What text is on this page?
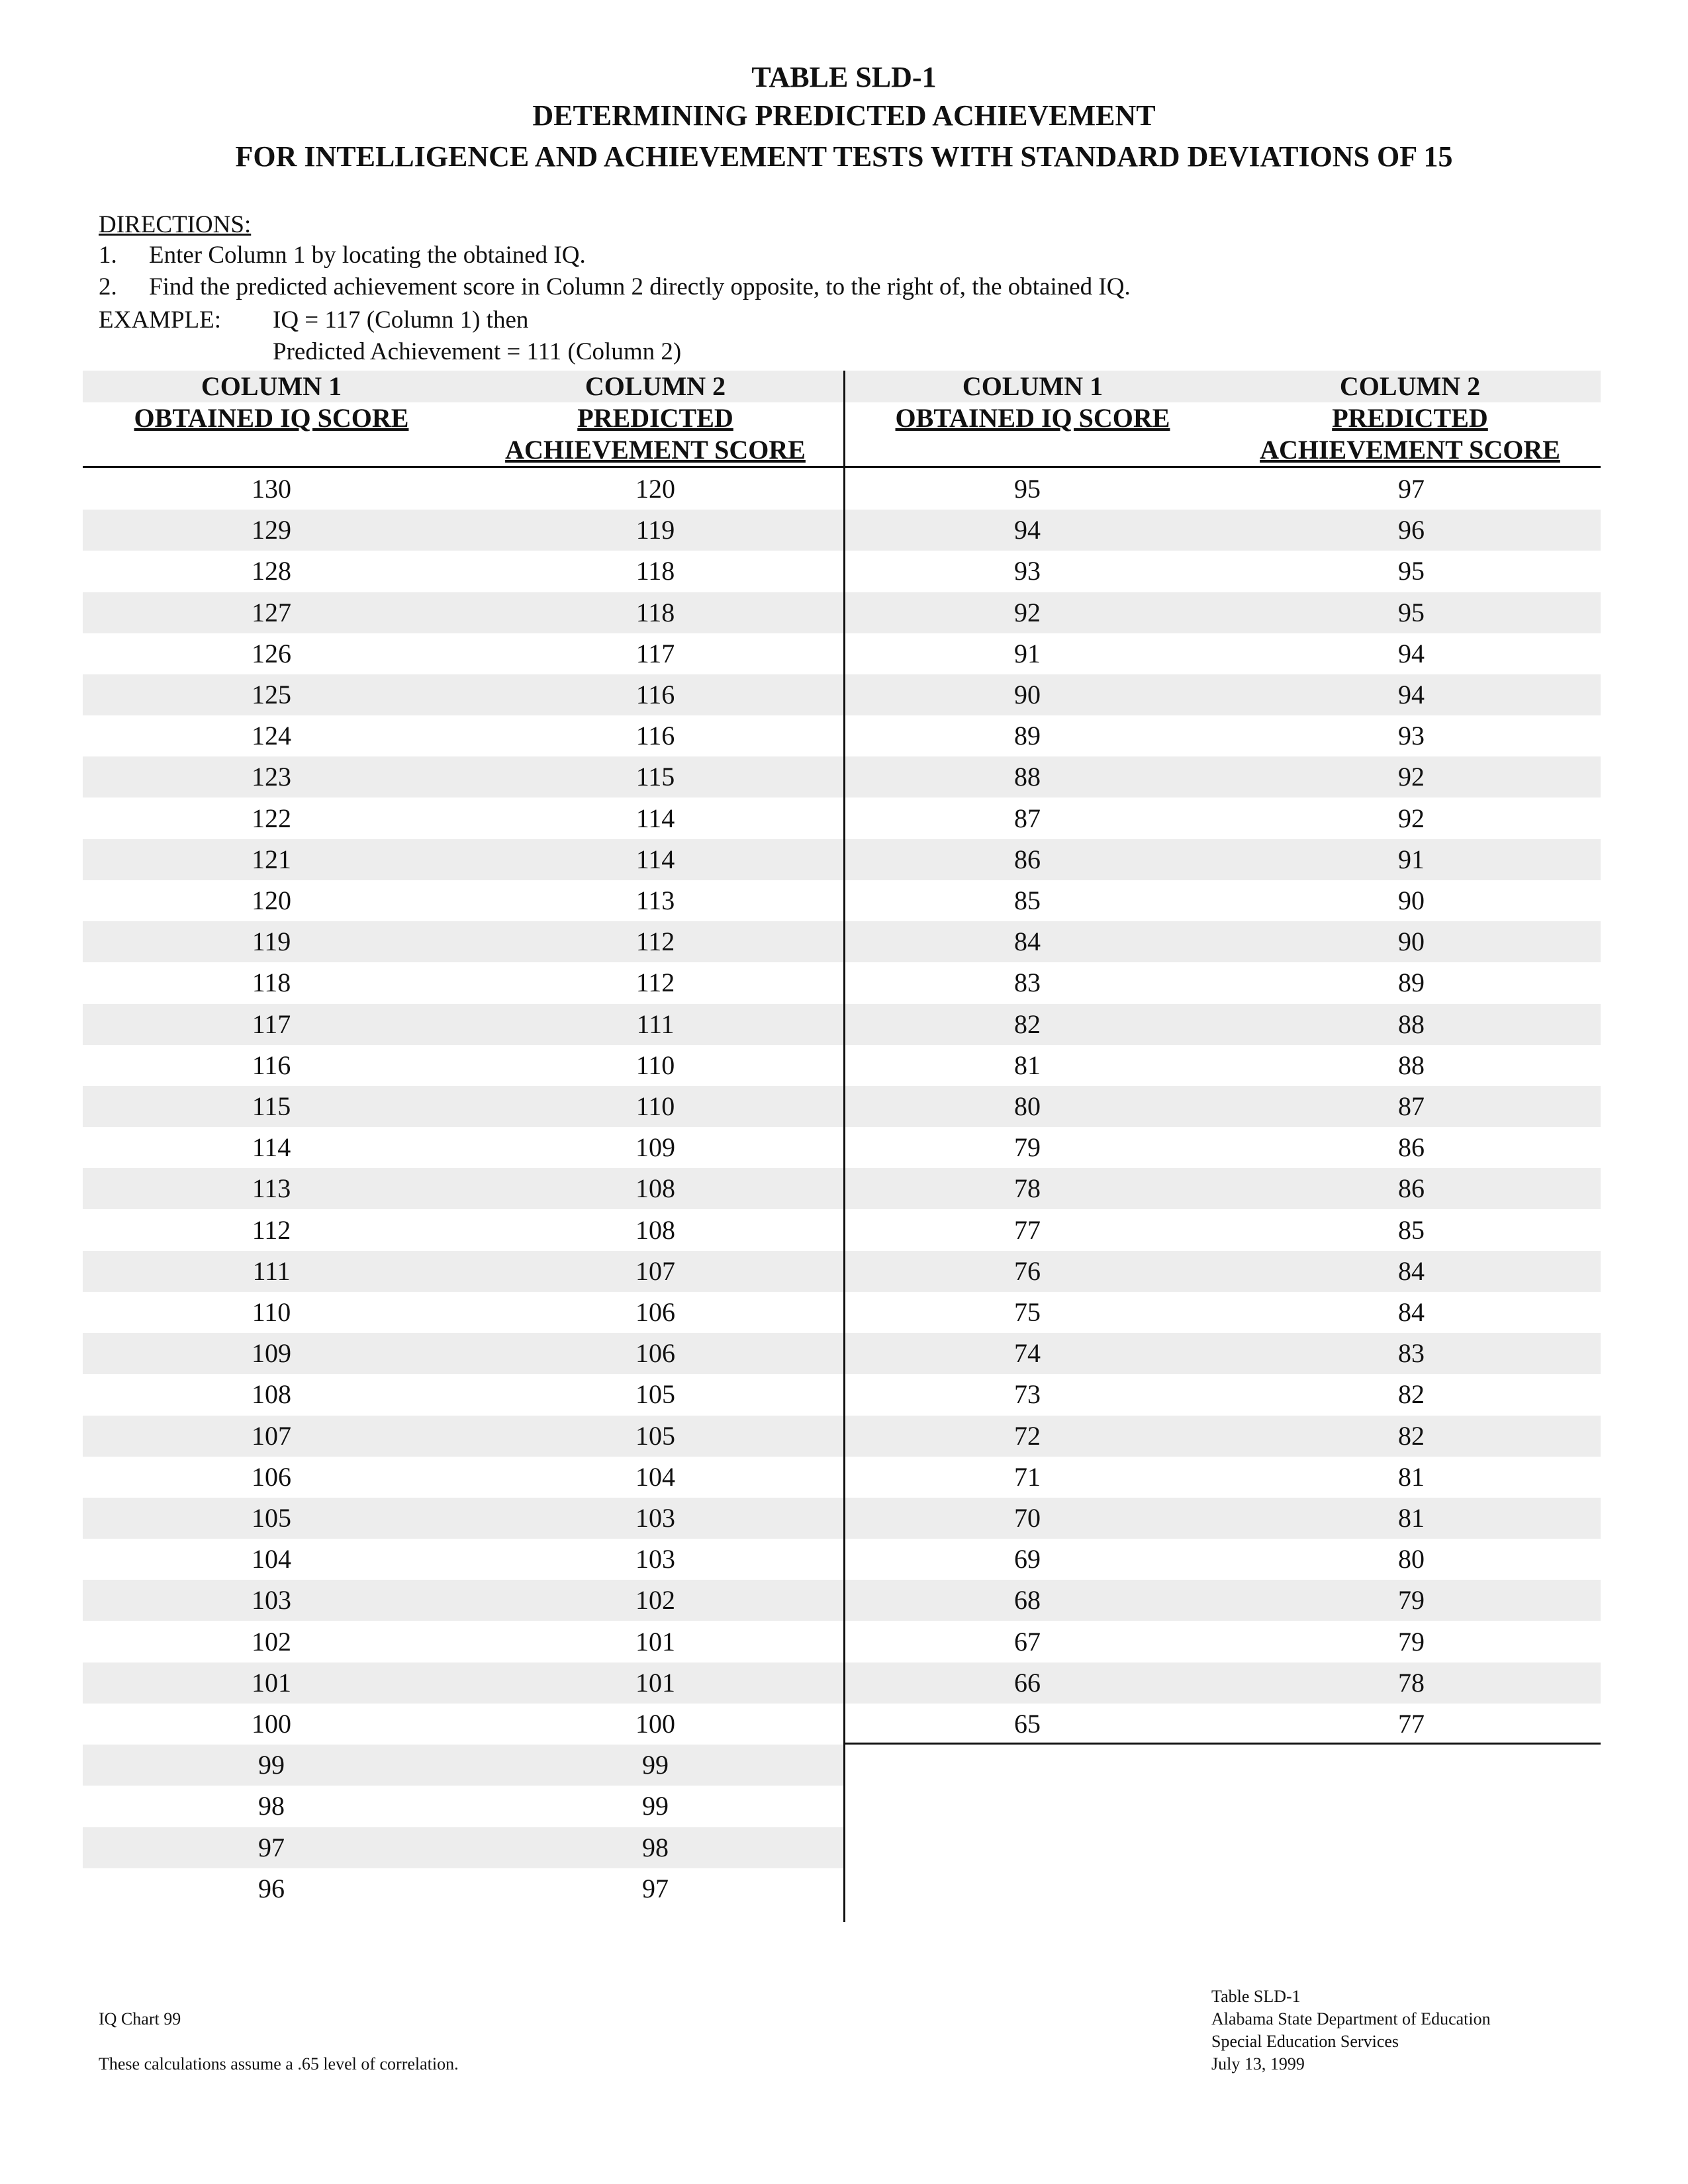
TABLE SLD-1
DETERMINING PREDICTED ACHIEVEMENT
FOR INTELLIGENCE AND ACHIEVEMENT TESTS WITH STANDARD DEVIATIONS OF 15
DIRECTIONS:
1. Enter Column 1 by locating the obtained IQ.
2. Find the predicted achievement score in Column 2 directly opposite, to the right of, the obtained IQ.
EXAMPLE: IQ = 117 (Column 1) then
Predicted Achievement = 111 (Column 2)
COLUMN 1
OBTAINED IQ SCORE
COLUMN 2
PREDICTED
ACHIEVEMENT SCORE
COLUMN 1
OBTAINED IQ SCORE
COLUMN 2
PREDICTED
ACHIEVEMENT SCORE
130	120
129	119
128	118
127	118
126	117
125	116
124	116
123	115
122	114
121	114
120	113
119	112
118	112
117	111
116	110
115	110
114	109
113	108
112	108
111	107
110	106
109	106
108	105
107	105
106	104
105	103
104	103
103	102
102	101
101	101
100	100
99	99
98	99
97	98
96	97
95	97
94	96
93	95
92	95
91	94
90	94
89	93
88	92
87	92
86	91
85	90
84	90
83	89
82	88
81	88
80	87
79	86
78	86
77	85
76	84
75	84
74	83
73	82
72	82
71	81
70	81
69	80
68	79
67	79
66	78
65	77
IQ Chart 99
These calculations assume a .65 level of correlation.
Table SLD-1
Alabama State Department of Education
Special Education Services
July 13, 1999
